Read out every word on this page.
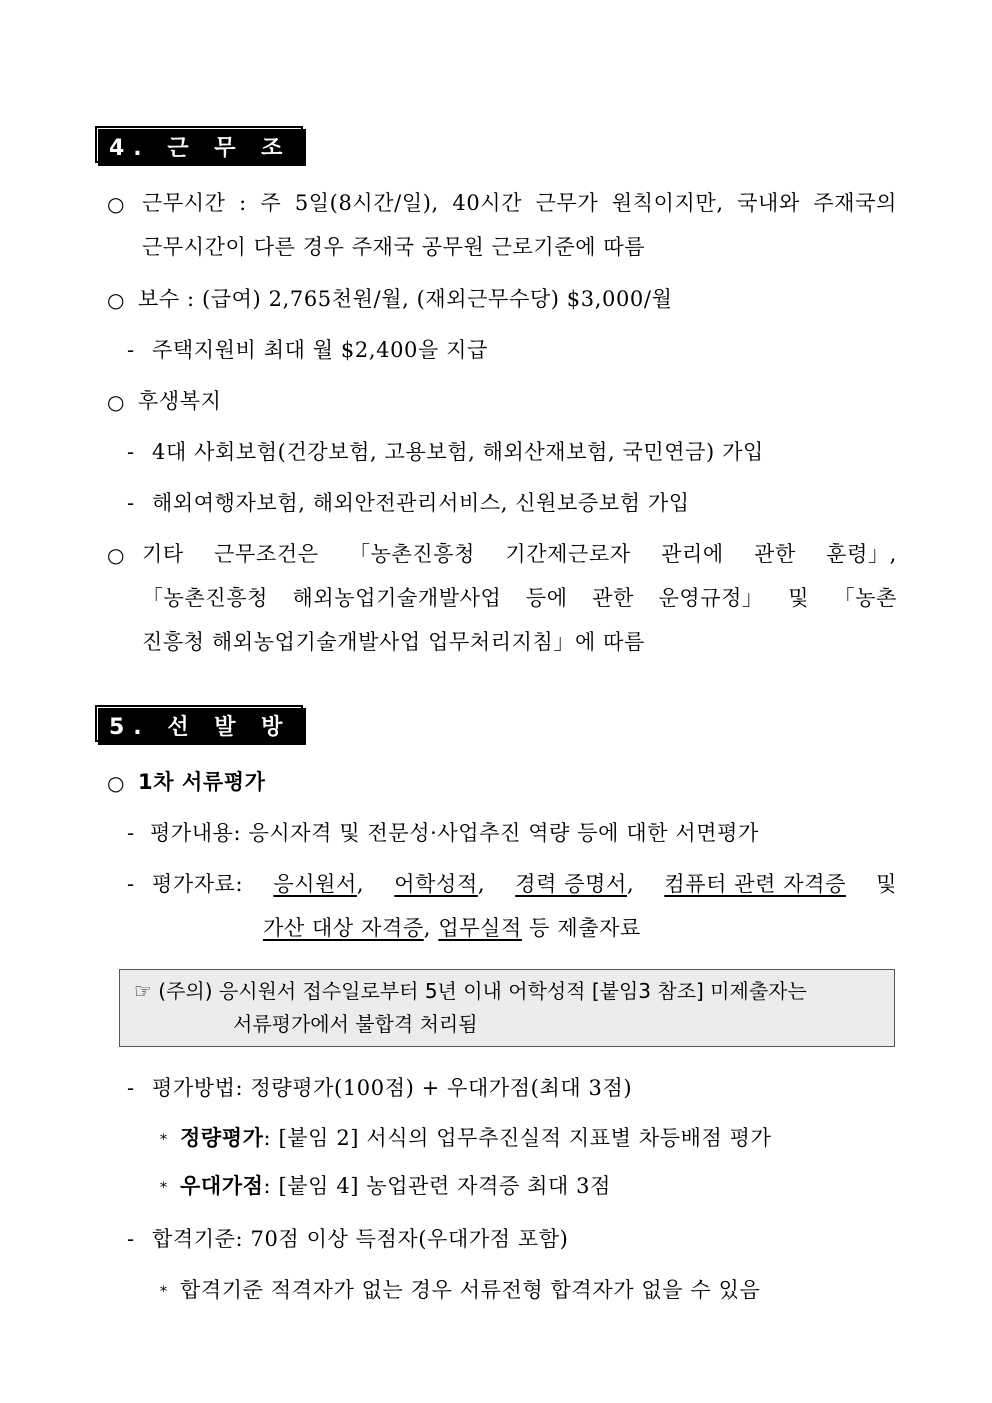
4. 근 무 조 건
○ 근무시간 : 주 5일(8시간/일), 40시간 근무가 원칙이지만, 국내와 주재국의
근무시간이 다른 경우 주재국 공무원 근로기준에 따름
○ 보수 : (급여) 2,765천원/월, (재외근무수당) $3,000/월
- 주택지원비 최대 월 $2,400을 지급
○ 후생복지
- 4대 사회보험(건강보험, 고용보험, 해외산재보험, 국민연금) 가입
- 해외여행자보험, 해외안전관리서비스, 신원보증보험 가입
○ 기타 근무조건은 「농촌진흥청 기간제근로자 관리에 관한 훈령」,
「농촌진흥청 해외농업기술개발사업 등에 관한 운영규정」 및 「농촌
진흥청 해외농업기술개발사업 업무처리지침」에 따름
5. 선 발 방 법
○ 1차 서류평가
- 평가내용: 응시자격 및 전문성·사업추진 역량 등에 대한 서면평가
- 평가자료: 응시원서, 어학성적, 경력 증명서, 컴퓨터 관련 자격증 및
가산 대상 자격증, 업무실적 등 제출자료
☞ (주의) 응시원서 접수일로부터 5년 이내 어학성적 [붙임3 참조] 미제출자는
서류평가에서 불합격 처리됨
- 평가방법: 정량평가(100점) + 우대가점(최대 3점)
* 정량평가: [붙임 2] 서식의 업무추진실적 지표별 차등배점 평가
* 우대가점: [붙임 4] 농업관련 자격증 최대 3점
- 합격기준: 70점 이상 득점자(우대가점 포함)
* 합격기준 적격자가 없는 경우 서류전형 합격자가 없을 수 있음
